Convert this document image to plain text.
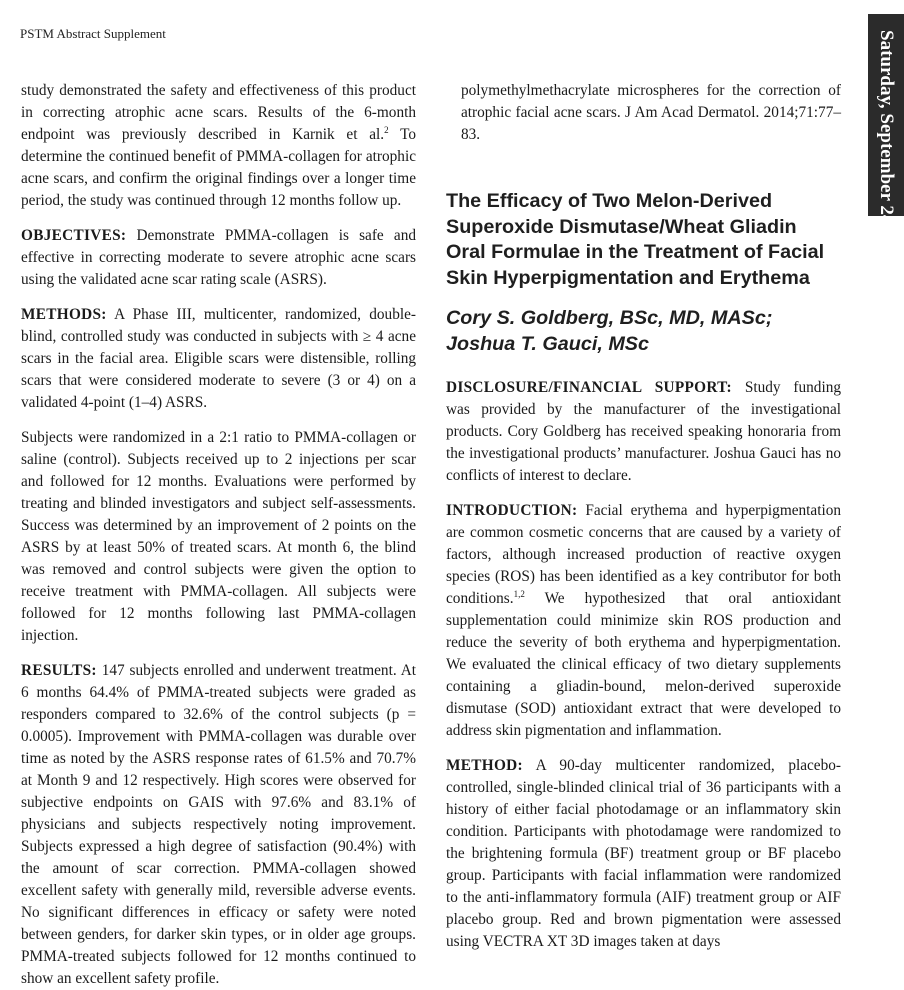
PSTM Abstract Supplement	Saturday, September 24, 2016

study demonstrated the safety and effectiveness of this product in correcting atrophic acne scars. Results of the 6-month endpoint was previously described in Karnik et al.$^2$ To determine the continued benefit of PMMA-collagen for atrophic acne scars, and confirm the original findings over a longer time period, the study was continued through 12 months follow up.

OBJECTIVES: Demonstrate PMMA-collagen is safe and effective in correcting moderate to severe atrophic acne scars using the validated acne scar rating scale (ASRS).

METHODS: A Phase III, multicenter, randomized, double-blind, controlled study was conducted in subjects with ≥ 4 acne scars in the facial area. Eligible scars were distensible, rolling scars that were considered moderate to severe (3 or 4) on a validated 4-point (1–4) ASRS.

Subjects were randomized in a 2:1 ratio to PMMA-collagen or saline (control). Subjects received up to 2 injections per scar and followed for 12 months. Evaluations were performed by treating and blinded investigators and subject self-assessments. Success was determined by an improvement of 2 points on the ASRS by at least 50% of treated scars. At month 6, the blind was removed and control subjects were given the option to receive treatment with PMMA-collagen. All subjects were followed for 12 months following last PMMA-collagen injection.

RESULTS: 147 subjects enrolled and underwent treatment. At 6 months 64.4% of PMMA-treated subjects were graded as responders compared to 32.6% of the control subjects (p = 0.0005). Improvement with PMMA-collagen was durable over time as noted by the ASRS response rates of 61.5% and 70.7% at Month 9 and 12 respectively. High scores were observed for subjective endpoints on GAIS with 97.6% and 83.1% of physicians and subjects respectively noting improvement. Subjects expressed a high degree of satisfaction (90.4%) with the amount of scar correction. PMMA-collagen showed excellent safety with generally mild, reversible adverse events. No significant differences in efficacy or safety were noted between genders, for darker skin types, or in older age groups. PMMA-treated subjects followed for 12 months continued to show an excellent safety profile.

polymethylmethacrylate microspheres for the correction of atrophic facial acne scars. J Am Acad Dermatol. 2014;71:77–83.

The Efficacy of Two Melon-Derived Superoxide Dismutase/Wheat Gliadin Oral Formulae in the Treatment of Facial Skin Hyperpigmentation and Erythema
Cory S. Goldberg, BSc, MD, MASc;
Joshua T. Gauci, MSc

DISCLOSURE/FINANCIAL SUPPORT: Study funding was provided by the manufacturer of the investigational products. Cory Goldberg has received speaking honoraria from the investigational products’ manufacturer. Joshua Gauci has no conflicts of interest to declare.

INTRODUCTION: Facial erythema and hyperpigmentation are common cosmetic concerns that are caused by a variety of factors, although increased production of reactive oxygen species (ROS) has been identified as a key contributor for both conditions.$^{1,2}$ We hypothesized that oral antioxidant supplementation could minimize skin ROS production and reduce the severity of both erythema and hyperpigmentation. We evaluated the clinical efficacy of two dietary supplements containing a gliadin-bound, melon-derived superoxide dismutase (SOD) antioxidant extract that were developed to address skin pigmentation and inflammation.

METHOD: A 90-day multicenter randomized, placebo-controlled, single-blinded clinical trial of 36 participants with a history of either facial photodamage or an inflammatory skin condition. Participants with photodamage were randomized to the brightening formula (BF) treatment group or BF placebo group. Participants with facial inflammation were randomized to the anti-inflammatory formula (AIF) treatment group or AIF placebo group. Red and brown pigmentation were assessed using VECTRA XT 3D images taken at days
